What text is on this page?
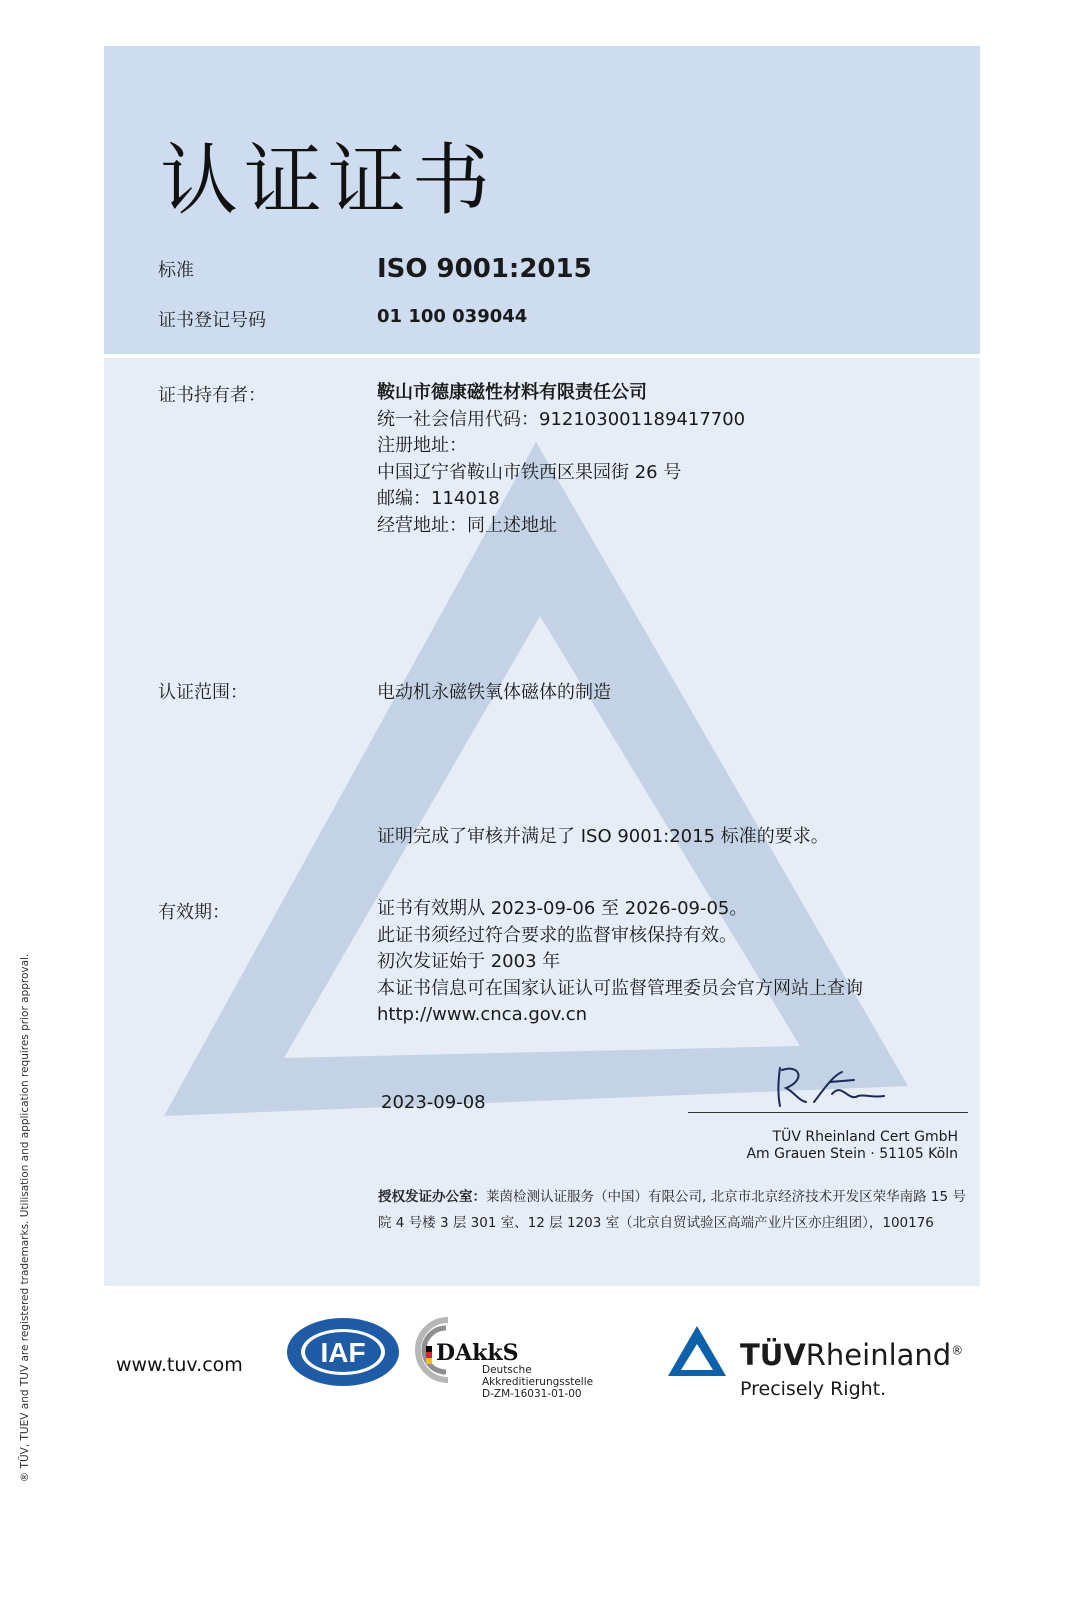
® TÜV, TUEV and TUV are registered trademarks. Utilisation and application requires prior approval.
认证证书
标准	ISO 9001:2015
证书登记号码	01 100 039044
证书持有者：	鞍山市德康磁性材料有限责任公司
统一社会信用代码：912103001189417700
注册地址：
中国辽宁省鞍山市铁西区果园街 26 号
邮编：114018
经营地址：同上述地址
认证范围：	电动机永磁铁氧体磁体的制造
证明完成了审核并满足了 ISO 9001:2015 标准的要求。
有效期：	证书有效期从 2023-09-06 至 2026-09-05。
此证书须经过符合要求的监督审核保持有效。
初次发证始于 2003 年
本证书信息可在国家认证认可监督管理委员会官方网站上查询
http://www.cnca.gov.cn
2023-09-08
TÜV Rheinland Cert GmbH
Am Grauen Stein · 51105 Köln
授权发证办公室：莱茵检测认证服务（中国）有限公司, 北京市北京经济技术开发区荣华南路 15 号院 4 号楼 3 层 301 室、12 层 1203 室（北京自贸试验区高端产业片区亦庄组团），100176
www.tuv.com	IAF	DAkkS
Deutsche
Akkreditierungsstelle
D-ZM-16031-01-00
TÜVRheinland®
Precisely Right.
